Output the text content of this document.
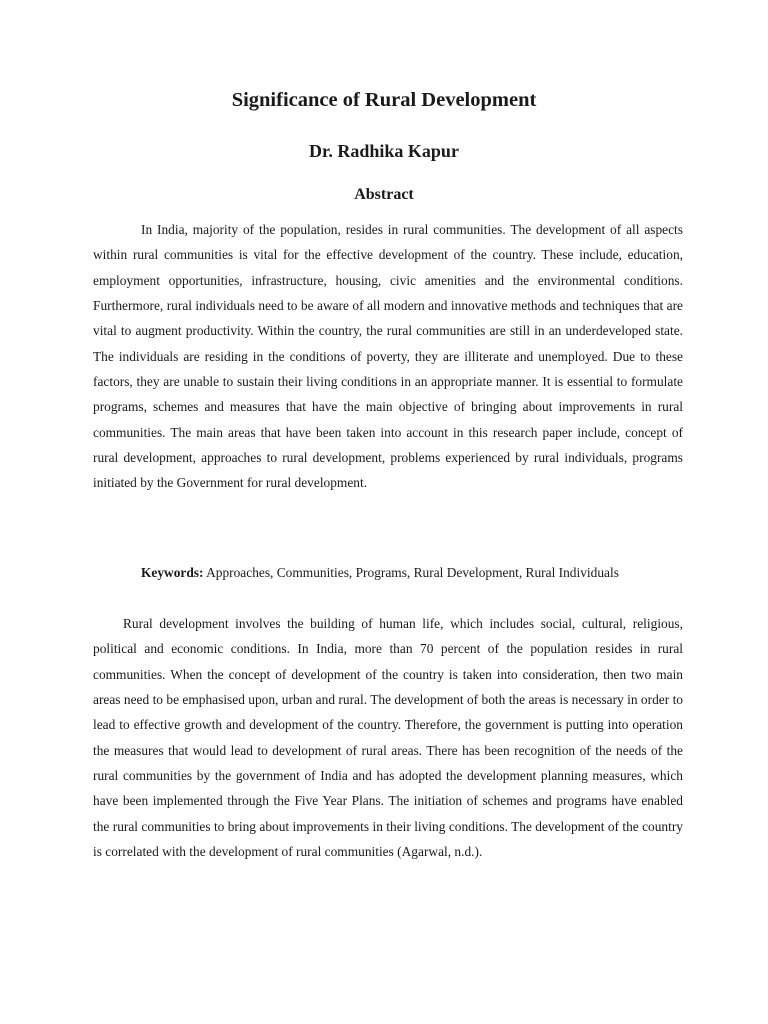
Significance of Rural Development
Dr. Radhika Kapur
Abstract

In India, majority of the population, resides in rural communities. The development of all aspects within rural communities is vital for the effective development of the country. These include, education, employment opportunities, infrastructure, housing, civic amenities and the environmental conditions. Furthermore, rural individuals need to be aware of all modern and innovative methods and techniques that are vital to augment productivity. Within the country, the rural communities are still in an underdeveloped state. The individuals are residing in the conditions of poverty, they are illiterate and unemployed. Due to these factors, they are unable to sustain their living conditions in an appropriate manner. It is essential to formulate programs, schemes and measures that have the main objective of bringing about improvements in rural communities. The main areas that have been taken into account in this research paper include, concept of rural development, approaches to rural development, problems experienced by rural individuals, programs initiated by the Government for rural development.

Keywords: Approaches, Communities, Programs, Rural Development, Rural Individuals

Rural development involves the building of human life, which includes social, cultural, religious, political and economic conditions. In India, more than 70 percent of the population resides in rural communities. When the concept of development of the country is taken into consideration, then two main areas need to be emphasised upon, urban and rural. The development of both the areas is necessary in order to lead to effective growth and development of the country. Therefore, the government is putting into operation the measures that would lead to development of rural areas. There has been recognition of the needs of the rural communities by the government of India and has adopted the development planning measures, which have been implemented through the Five Year Plans. The initiation of schemes and programs have enabled the rural communities to bring about improvements in their living conditions. The development of the country is correlated with the development of rural communities (Agarwal, n.d.).
